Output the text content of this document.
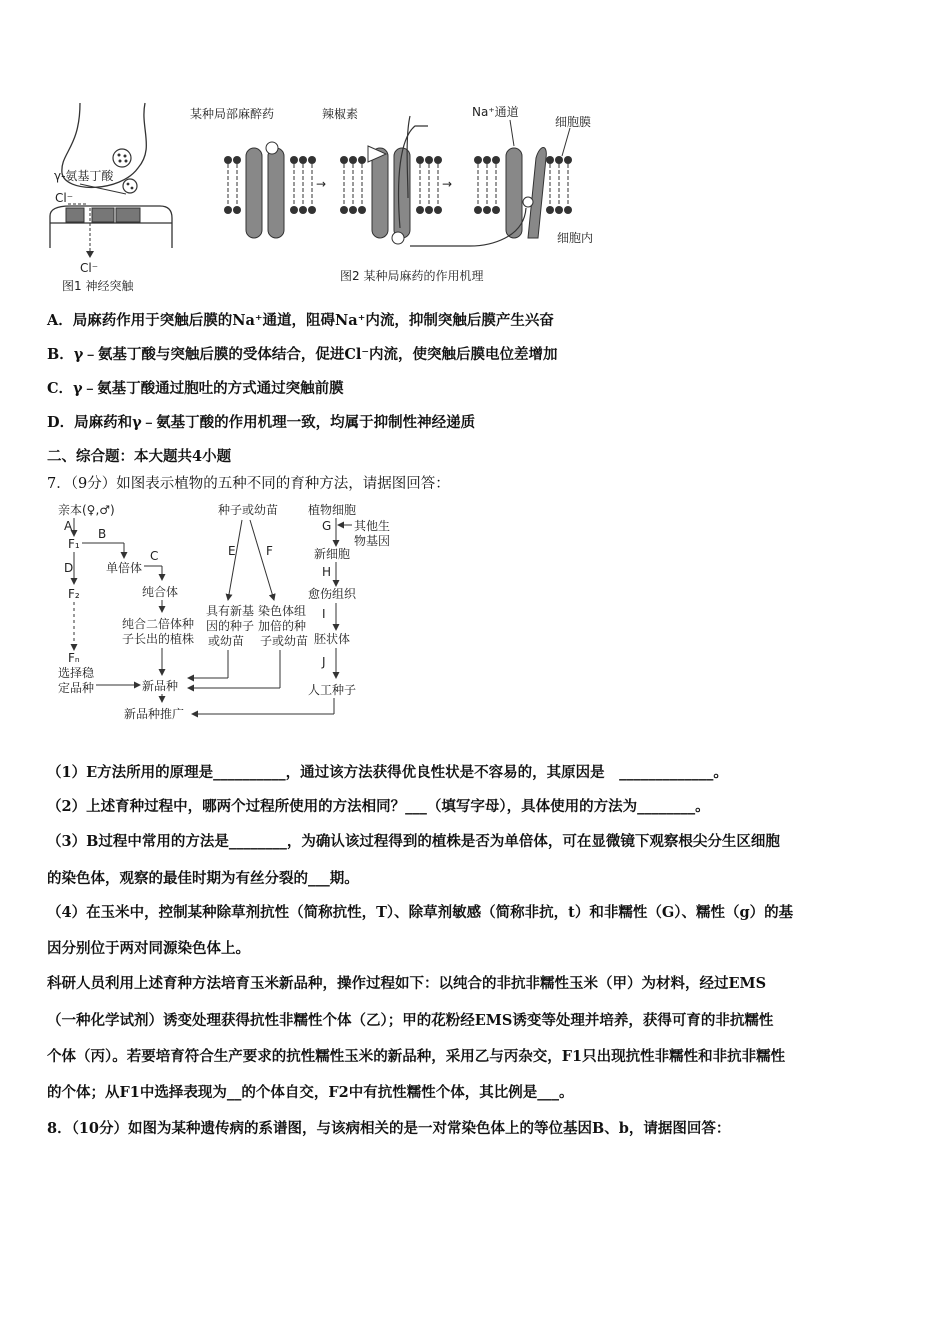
γ-氨基丁酸
Cl⁻
Cl⁻
图1 神经突触
某种局部麻醉药	辣椒素	Na⁺通道
细胞膜
细胞内
→	→
图2 某种局麻药的作用机理
A．局麻药作用于突触后膜的Na⁺通道，阻碍Na⁺内流，抑制突触后膜产生兴奋
B．γ﹣氨基丁酸与突触后膜的受体结合，促进Cl⁻内流，使突触后膜电位差增加
C．γ﹣氨基丁酸通过胞吐的方式通过突触前膜
D．局麻药和γ﹣氨基丁酸的作用机理一致，均属于抑制性神经递质
二、综合题：本大题共4小题
7．（9分）如图表示植物的五种不同的育种方法，请据图回答：
亲本(♀,♂)
A
F₁
B
单倍体
C
纯合体
纯合二倍体种
子长出的植株
D
F₂
Fₙ
选择稳
定品种	新品种
新品种推广
种子或幼苗
E	F
具有新基
因的种子
或幼苗
染色体组
加倍的种
子或幼苗
植物细胞
G 其他生
物基因
新细胞
H
愈伤组织
I
胚状体
J
人工种子
（1）E方法所用的原理是__________，通过该方法获得优良性状是不容易的，其原因是　_____________。
（2）上述育种过程中，哪两个过程所使用的方法相同？___（填写字母），具体使用的方法为________。
（3）B过程中常用的方法是________，为确认该过程得到的植株是否为单倍体，可在显微镜下观察根尖分生区细胞
的染色体，观察的最佳时期为有丝分裂的___期。
（4）在玉米中，控制某种除草剂抗性（简称抗性，T）、除草剂敏感（简称非抗，t）和非糯性（G）、糯性（g）的基
因分别位于两对同源染色体上。
科研人员利用上述育种方法培育玉米新品种，操作过程如下：以纯合的非抗非糯性玉米（甲）为材料，经过EMS
（一种化学试剂）诱变处理获得抗性非糯性个体（乙）；甲的花粉经EMS诱变等处理并培养，获得可育的非抗糯性
个体（丙）。若要培育符合生产要求的抗性糯性玉米的新品种，采用乙与丙杂交，F1只出现抗性非糯性和非抗非糯性
的个体；从F1中选择表现为__的个体自交，F2中有抗性糯性个体，其比例是___。
8．（10分）如图为某种遗传病的系谱图，与该病相关的是一对常染色体上的等位基因B、b，请据图回答：
